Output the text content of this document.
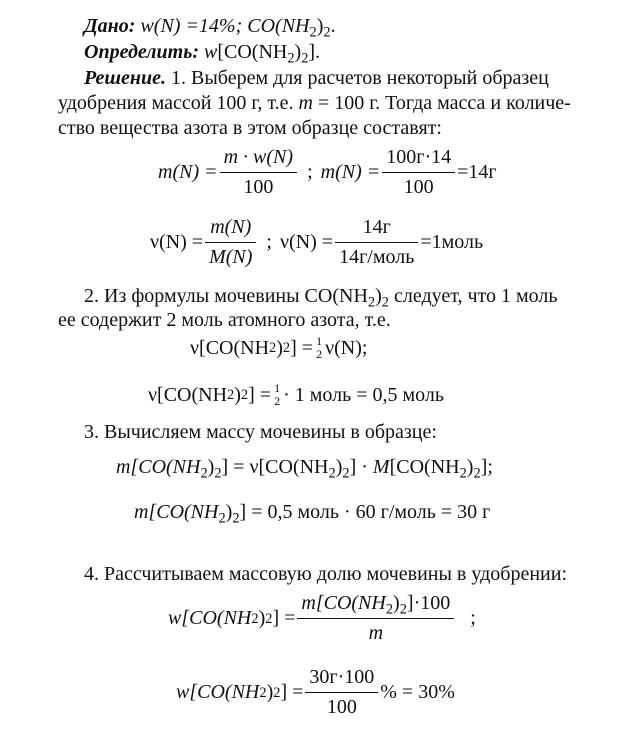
Дано: w(N) =14%; $CO(NH_2)_2$.
Определить: $w[CO(NH_2)_2]$.
Решение. 1. Выберем для расчетов некоторый образец
удобрения массой 100 г, т.е. m = 100 г. Тогда масса и количе-
ство вещества азота в этом образце составят:
$m(N) = \frac{m \cdot w(N)}{100}$ ; $m(N) = \frac{100г\cdot 14}{100} =14г$
$\nu(N) = \frac{m(N)}{M(N)}$ ; $\nu(N) = \frac{14г}{\text{14г/моль}}$ =1моль
2. Из формулы мочевины $CO(NH_2)_2$ следует, что 1 моль
ее содержит 2 моль атомного азота, т.е.
ν[CO(NH 2 ) 2 ] = 1
2 ν(N);
ν[CO(NH 2 ) 2 ] = 1
2 · 1 моль = 0,5 моль
3. Вычисляем массу мочевины в образце:
$m[CO(NH_2)_2] = \nu[CO(NH_2)_2] \cdot M[CO(NH_2)_2]$;
$m[CO(NH_2)_2] = 0,5$ моль · 60 г/моль = 30 г
4. Рассчитываем массовую долю мочевины в удобрении:
w[CO(NH 2 ) 2 ] = $\frac{m[CO(NH_2)_2]\cdot 100}{m}$ ;
w[CO(NH 2 ) 2 ] = $\frac{30г\cdot 100}{100}$ % = 30%
